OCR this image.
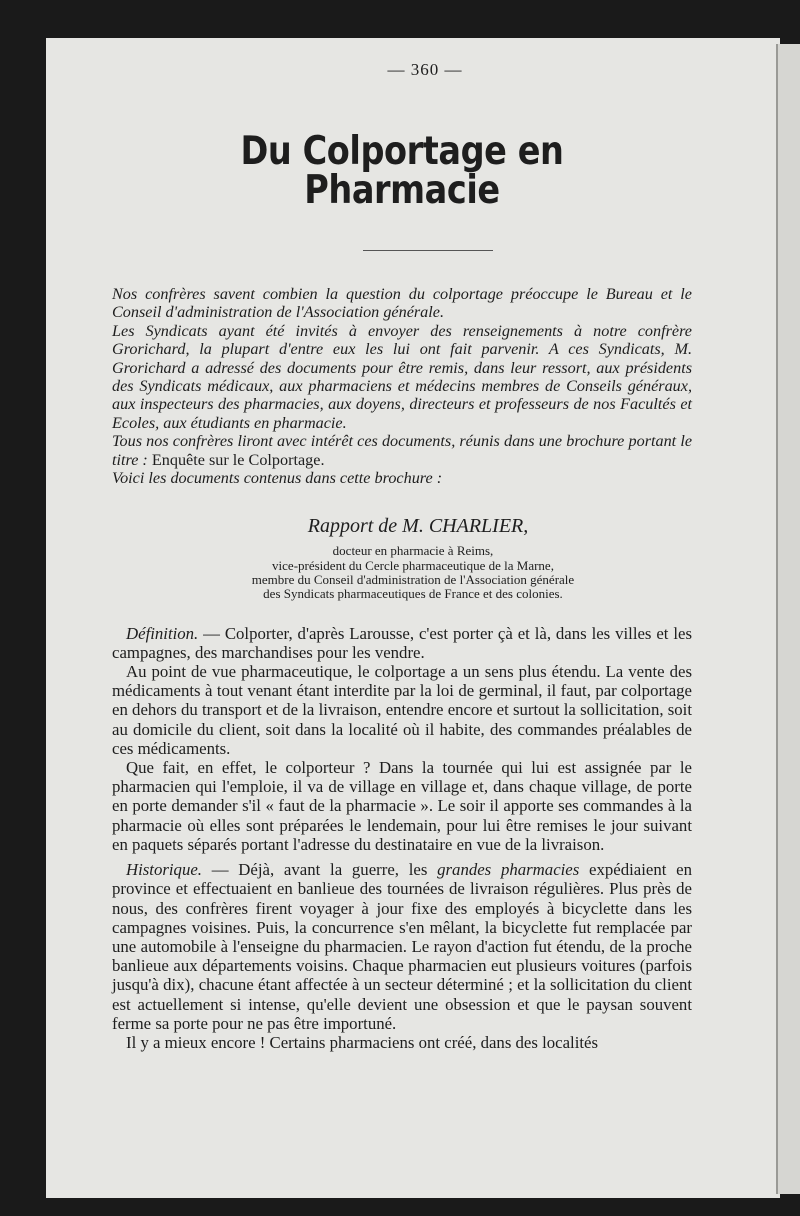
— 360 —

Du Colportage en Pharmacie

Nos confrères savent combien la question du colportage préoccupe le Bureau et le Conseil d'administration de l'Association générale.

Les Syndicats ayant été invités à envoyer des renseignements à notre confrère Grorichard, la plupart d'entre eux les lui ont fait parvenir. A ces Syndicats, M. Grorichard a adressé des documents pour être remis, dans leur ressort, aux présidents des Syndicats médicaux, aux pharmaciens et médecins membres de Conseils généraux, aux inspecteurs des pharmacies, aux doyens, directeurs et professeurs de nos Facultés et Ecoles, aux étudiants en pharmacie.

Tous nos confrères liront avec intérêt ces documents, réunis dans une brochure portant le titre : Enquête sur le Colportage.

Voici les documents contenus dans cette brochure :

Rapport de M. CHARLIER,
docteur en pharmacie à Reims,
vice-président du Cercle pharmaceutique de la Marne,
membre du Conseil d'administration de l'Association générale
des Syndicats pharmaceutiques de France et des colonies.

Définition. — Colporter, d'après Larousse, c'est porter çà et là, dans les villes et les campagnes, des marchandises pour les vendre.

Au point de vue pharmaceutique, le colportage a un sens plus étendu. La vente des médicaments à tout venant étant interdite par la loi de germinal, il faut, par colportage en dehors du transport et de la livraison, entendre encore et surtout la sollicitation, soit au domicile du client, soit dans la localité où il habite, des commandes préalables de ces médicaments.

Que fait, en effet, le colporteur ? Dans la tournée qui lui est assignée par le pharmacien qui l'emploie, il va de village en village et, dans chaque village, de porte en porte demander s'il « faut de la pharmacie ». Le soir il apporte ses commandes à la pharmacie où elles sont préparées le lendemain, pour lui être remises le jour suivant en paquets séparés portant l'adresse du destinataire en vue de la livraison.

Historique. — Déjà, avant la guerre, les grandes pharmacies expédiaient en province et effectuaient en banlieue des tournées de livraison régulières. Plus près de nous, des confrères firent voyager à jour fixe des employés à bicyclette dans les campagnes voisines. Puis, la concurrence s'en mêlant, la bicyclette fut remplacée par une automobile à l'enseigne du pharmacien. Le rayon d'action fut étendu, de la proche banlieue aux départements voisins. Chaque pharmacien eut plusieurs voitures (parfois jusqu'à dix), chacune étant affectée à un secteur déterminé ; et la sollicitation du client est actuellement si intense, qu'elle devient une obsession et que le paysan souvent ferme sa porte pour ne pas être importuné.

Il y a mieux encore ! Certains pharmaciens ont créé, dans des localités
